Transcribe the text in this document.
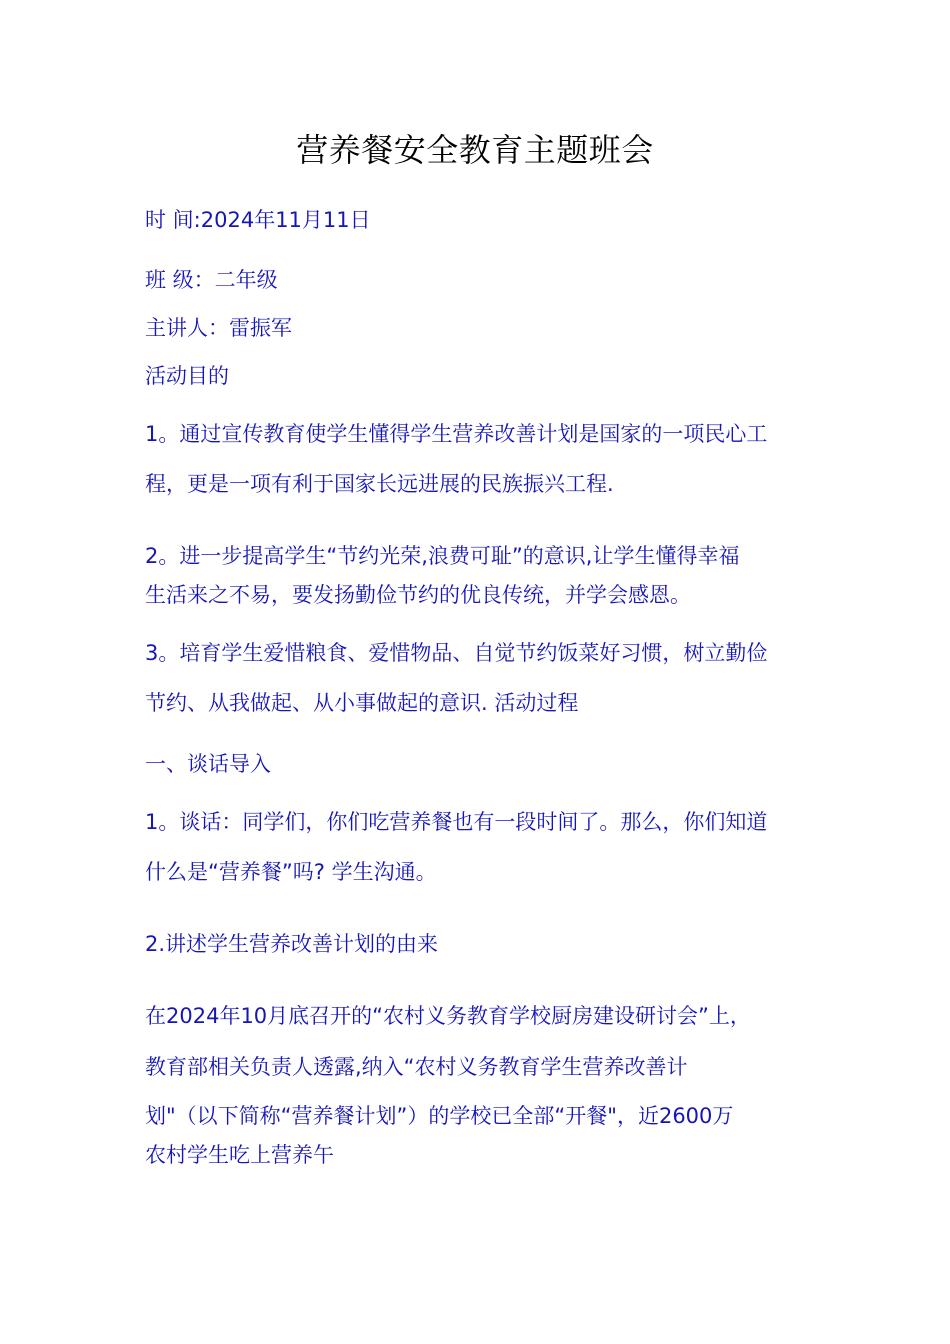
营养餐安全教育主题班会
时 间:2024年11月11日
班 级：二年级
主讲人：雷振军
活动目的
1。通过宣传教育使学生懂得学生营养改善计划是国家的一项民心工
程，更是一项有利于国家长远进展的民族振兴工程.
2。进一步提高学生“节约光荣,浪费可耻”的意识,让学生懂得幸福
生活来之不易，要发扬勤俭节约的优良传统，并学会感恩。
3。培育学生爱惜粮食、爱惜物品、自觉节约饭菜好习惯，树立勤俭
节约、从我做起、从小事做起的意识. 活动过程
一、谈话导入
1。谈话：同学们，你们吃营养餐也有一段时间了。那么，你们知道
什么是“营养餐”吗? 学生沟通。
2.讲述学生营养改善计划的由来
在2024年10月底召开的“农村义务教育学校厨房建设研讨会”上，
教育部相关负责人透露,纳入“农村义务教育学生营养改善计
划"（以下简称“营养餐计划”）的学校已全部“开餐"，近2600万
农村学生吃上营养午
